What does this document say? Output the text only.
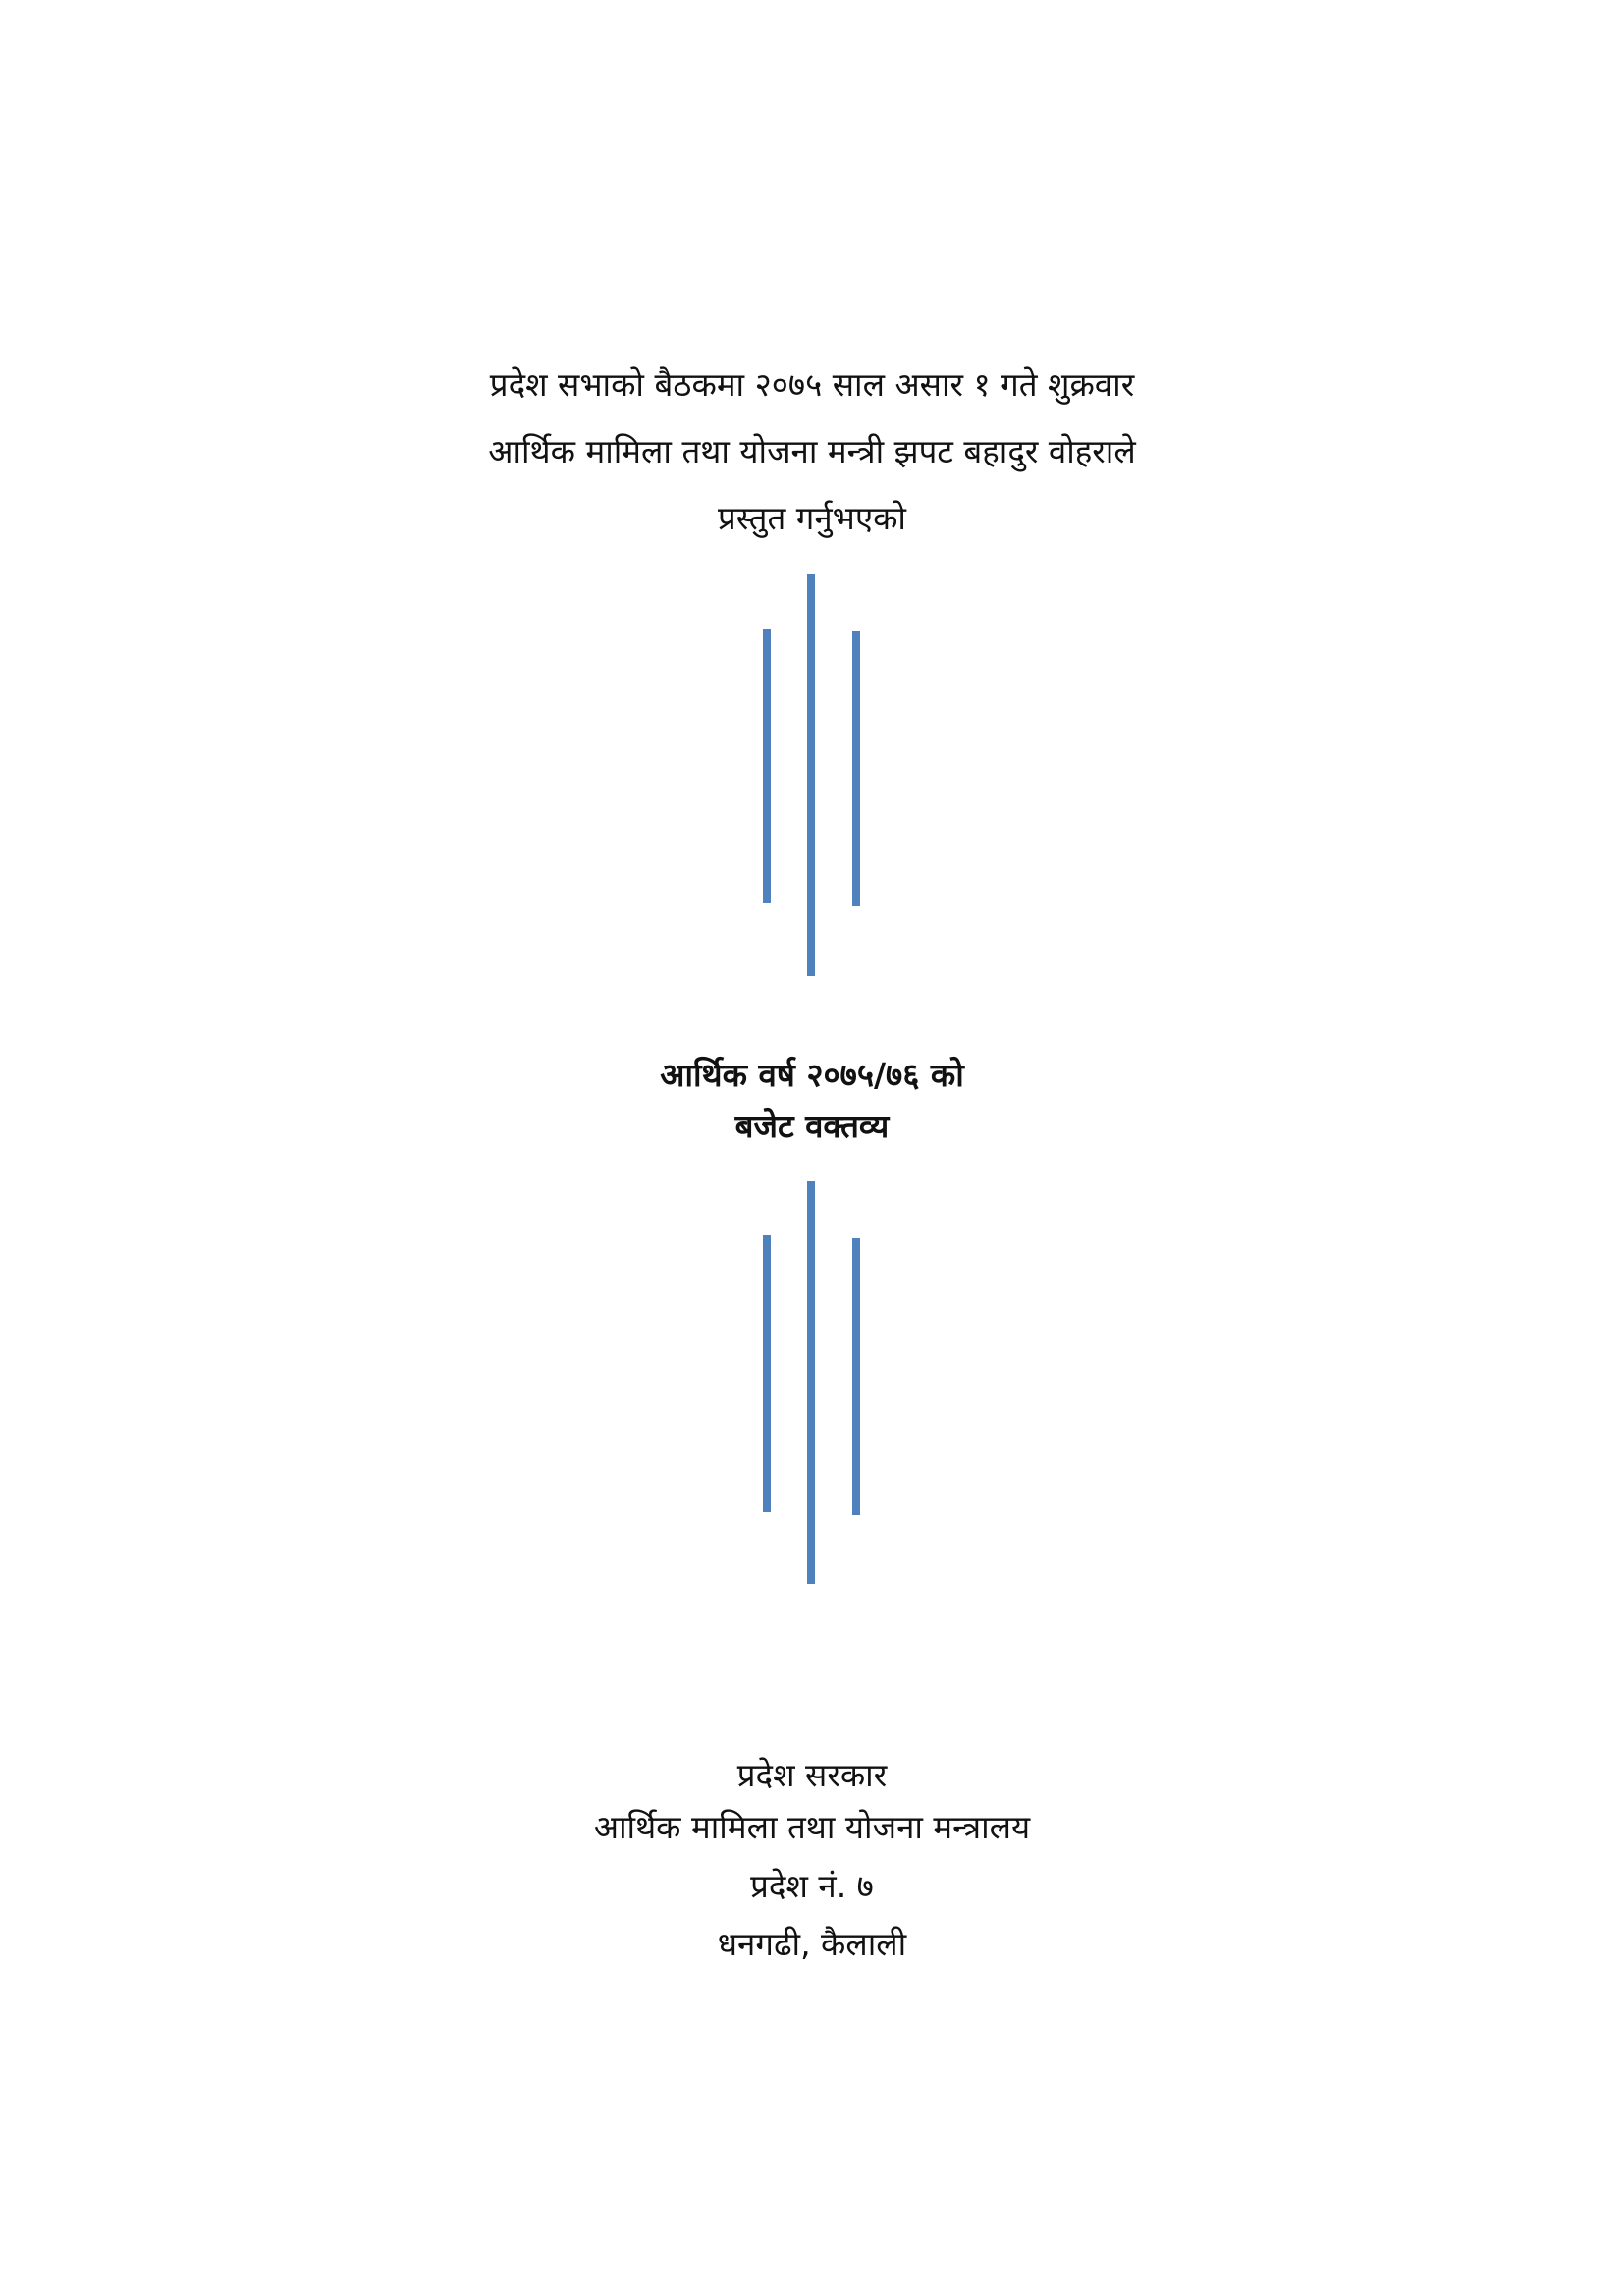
प्रदेश सभाको बैठकमा २०७५ साल असार १ गते शुक्रवार
आर्थिक मामिला तथा योजना मन्त्री झपट बहादुर वोहराले
प्रस्तुत गर्नुभएको
आर्थिक वर्ष २०७५/७६ को
बजेट वक्तव्य
प्रदेश सरकार
आर्थिक मामिला तथा योजना मन्त्रालय
प्रदेश नं. ७
धनगढी, कैलाली
